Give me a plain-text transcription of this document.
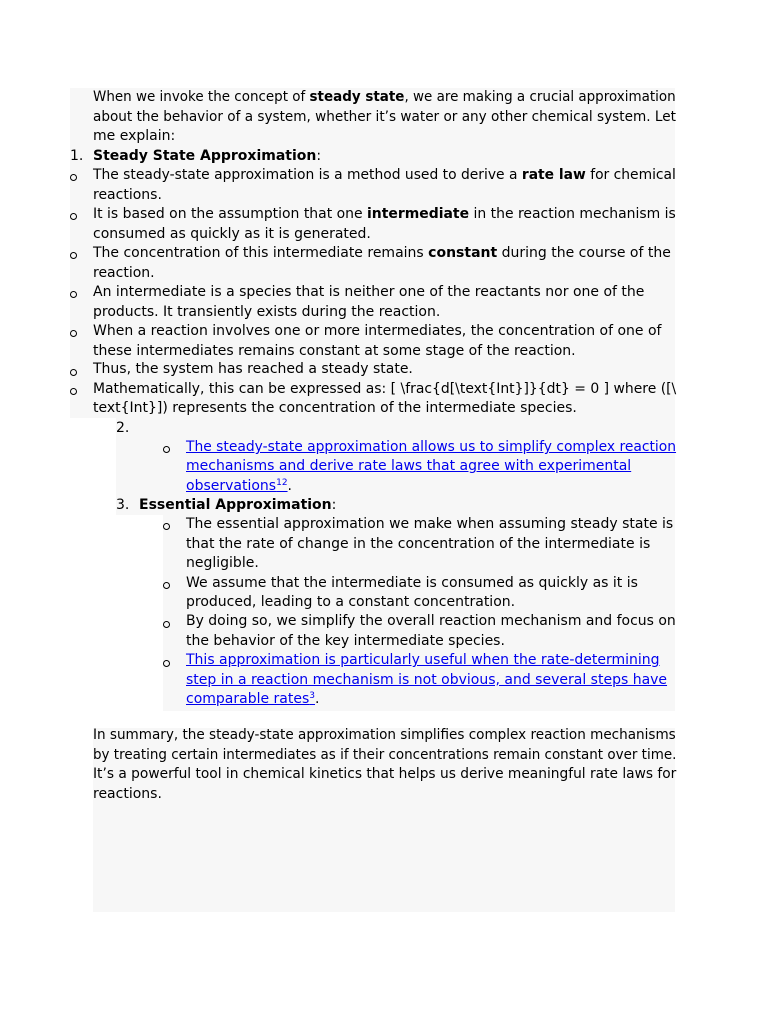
When we invoke the concept of steady state, we are making a crucial approximation
about the behavior of a system, whether it’s water or any other chemical system. Let
me explain:
1. Steady State Approximation:
The steady-state approximation is a method used to derive a rate law for chemical
reactions.
It is based on the assumption that one intermediate in the reaction mechanism is
consumed as quickly as it is generated.
The concentration of this intermediate remains constant during the course of the
reaction.
An intermediate is a species that is neither one of the reactants nor one of the
products. It transiently exists during the reaction.
When a reaction involves one or more intermediates, the concentration of one of
these intermediates remains constant at some stage of the reaction.
Thus, the system has reached a steady state.
Mathematically, this can be expressed as: [ \frac{d[\text{Int}]}{dt} = 0 ] where ([\
text{Int}]) represents the concentration of the intermediate species.
2.
The steady-state approximation allows us to simplify complex reaction
mechanisms and derive rate laws that agree with experimental
observations$^{12}$.
3. Essential Approximation:
The essential approximation we make when assuming steady state is
that the rate of change in the concentration of the intermediate is
negligible.
We assume that the intermediate is consumed as quickly as it is
produced, leading to a constant concentration.
By doing so, we simplify the overall reaction mechanism and focus on
the behavior of the key intermediate species.
This approximation is particularly useful when the rate-determining
step in a reaction mechanism is not obvious, and several steps have
comparable rates$^3$.
In summary, the steady-state approximation simplifies complex reaction mechanisms
by treating certain intermediates as if their concentrations remain constant over time.
It’s a powerful tool in chemical kinetics that helps us derive meaningful rate laws for
reactions.
